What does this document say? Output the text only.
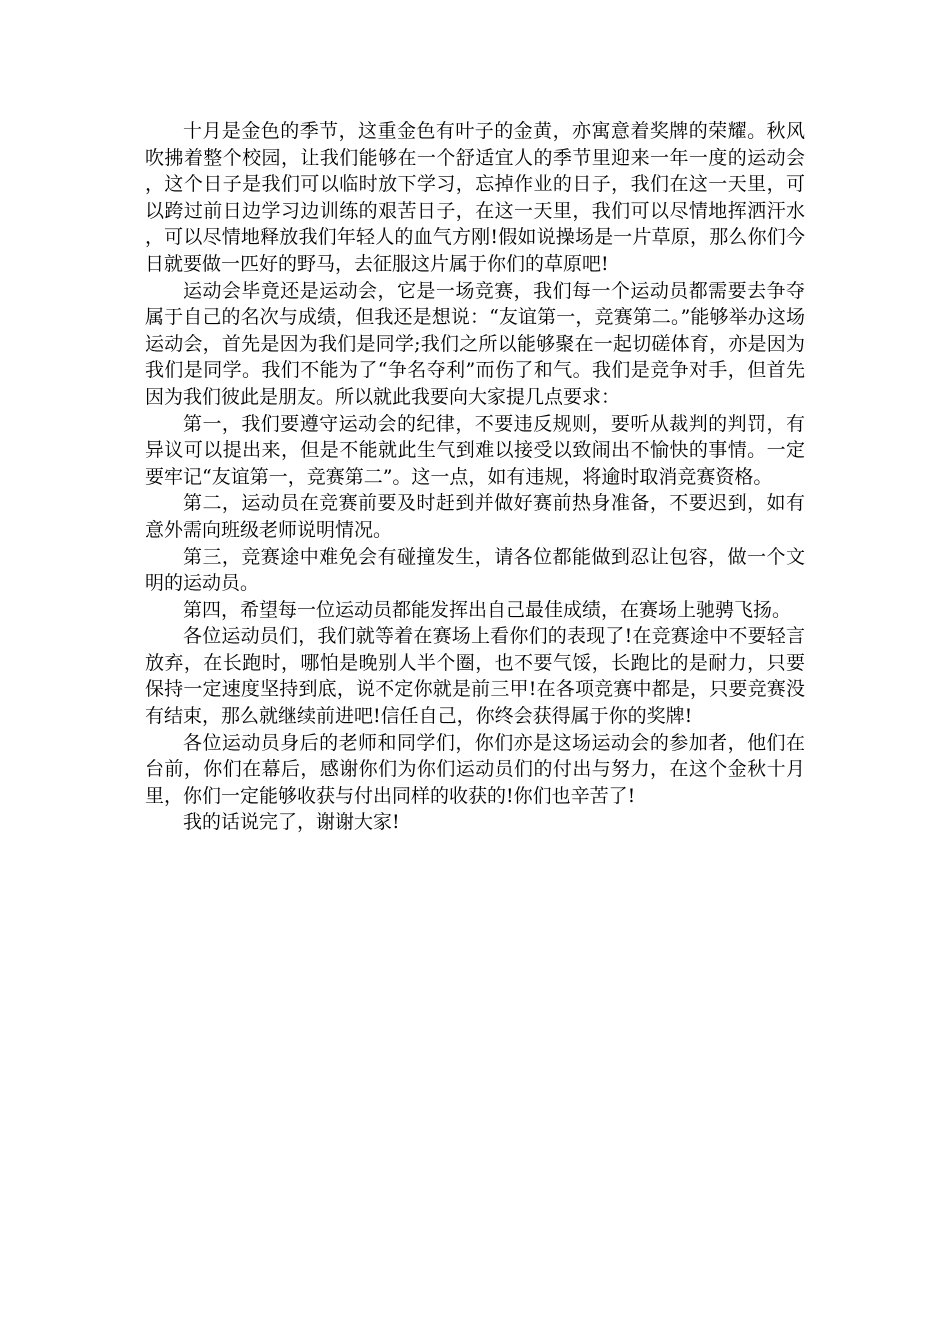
十月是金色的季节，这重金色有叶子的金黄，亦寓意着奖牌的荣耀。秋风吹拂着整个校园，让我们能够在一个舒适宜人的季节里迎来一年一度的运动会，这个日子是我们可以临时放下学习，忘掉作业的日子，我们在这一天里，可以跨过前日边学习边训练的艰苦日子，在这一天里，我们可以尽情地挥洒汗水，可以尽情地释放我们年轻人的血气方刚!假如说操场是一片草原，那么你们今日就要做一匹好的野马，去征服这片属于你们的草原吧!

运动会毕竟还是运动会，它是一场竞赛，我们每一个运动员都需要去争夺属于自己的名次与成绩，但我还是想说：“友谊第一，竞赛第二。”能够举办这场运动会，首先是因为我们是同学;我们之所以能够聚在一起切磋体育，亦是因为我们是同学。我们不能为了“争名夺利”而伤了和气。我们是竞争对手，但首先因为我们彼此是朋友。所以就此我要向大家提几点要求：

第一，我们要遵守运动会的纪律，不要违反规则，要听从裁判的判罚，有异议可以提出来，但是不能就此生气到难以接受以致闹出不愉快的事情。一定要牢记“友谊第一，竞赛第二”。这一点，如有违规，将逾时取消竞赛资格。

第二，运动员在竞赛前要及时赶到并做好赛前热身准备，不要迟到，如有意外需向班级老师说明情况。

第三，竞赛途中难免会有碰撞发生，请各位都能做到忍让包容，做一个文明的运动员。

第四，希望每一位运动员都能发挥出自己最佳成绩，在赛场上驰骋飞扬。

各位运动员们，我们就等着在赛场上看你们的表现了!在竞赛途中不要轻言放弃，在长跑时，哪怕是晚别人半个圈，也不要气馁，长跑比的是耐力，只要保持一定速度坚持到底，说不定你就是前三甲!在各项竞赛中都是，只要竞赛没有结束，那么就继续前进吧!信任自己，你终会获得属于你的奖牌!

各位运动员身后的老师和同学们，你们亦是这场运动会的参加者，他们在台前，你们在幕后，感谢你们为你们运动员们的付出与努力，在这个金秋十月里，你们一定能够收获与付出同样的收获的!你们也辛苦了!

我的话说完了，谢谢大家!
